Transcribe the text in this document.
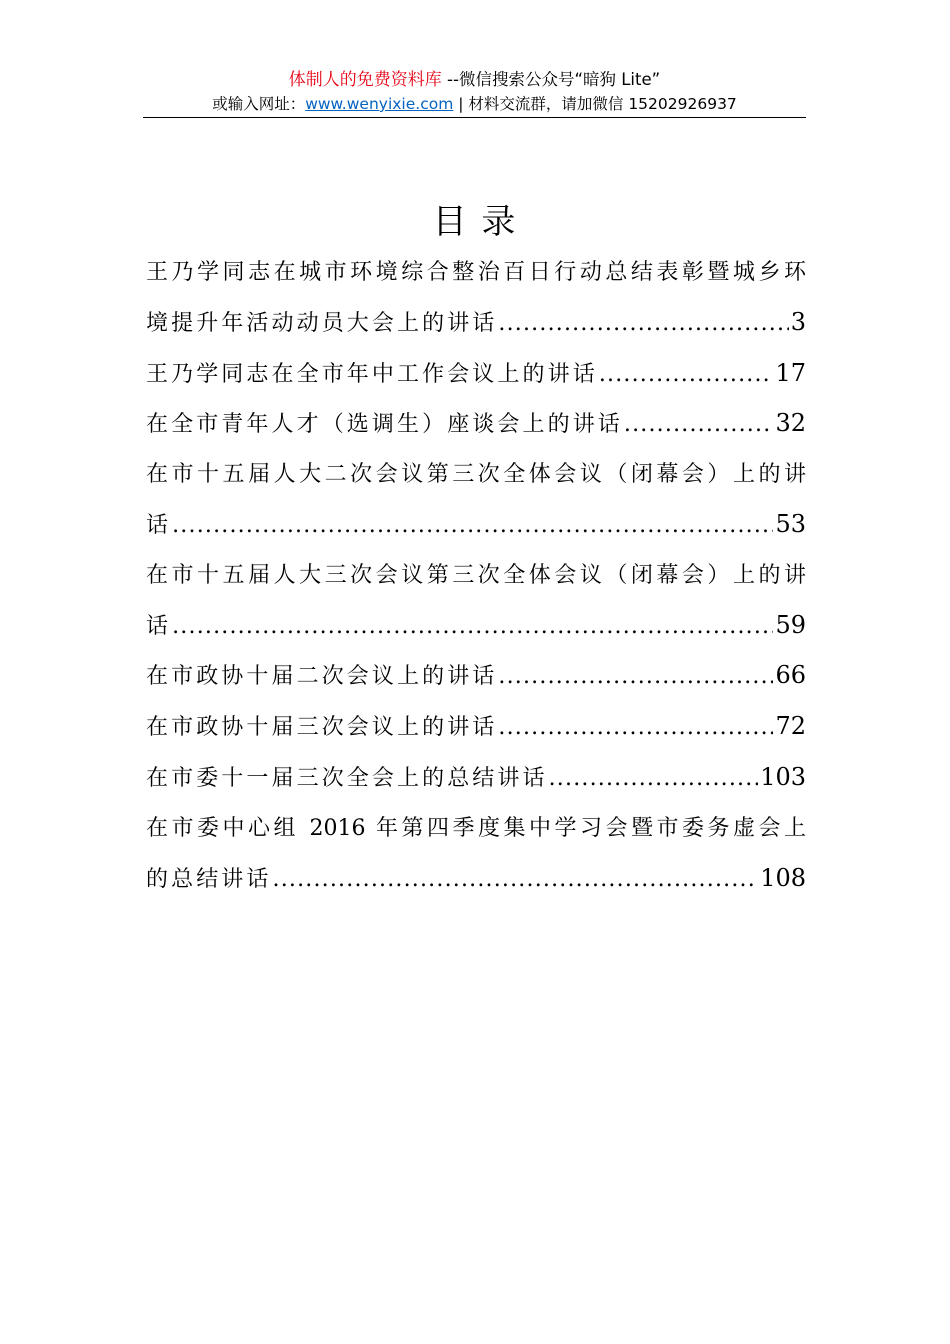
体制人的免费资料库 --微信搜索公众号“暗狗 Lite”
或输入网址：www.wenyixie.com | 材料交流群，请加微信 15202926937
目 录
王乃学同志在城市环境综合整治百日行动总结表彰暨城乡环
境提升年活动动员大会上的讲话 .....	3
王乃学同志在全市年中工作会议上的讲话 .....	17
在全市青年人才（选调生）座谈会上的讲话 .....	32
在市十五届人大二次会议第三次全体会议（闭幕会）上的讲
话 .....	53
在市十五届人大三次会议第三次全体会议（闭幕会）上的讲
话 .....	59
在市政协十届二次会议上的讲话 .....	66
在市政协十届三次会议上的讲话 .....	72
在市委十一届三次全会上的总结讲话 .....	103
在市委中心组 2016 年第四季度集中学习会暨市委务虚会上
的总结讲话 .....	108
